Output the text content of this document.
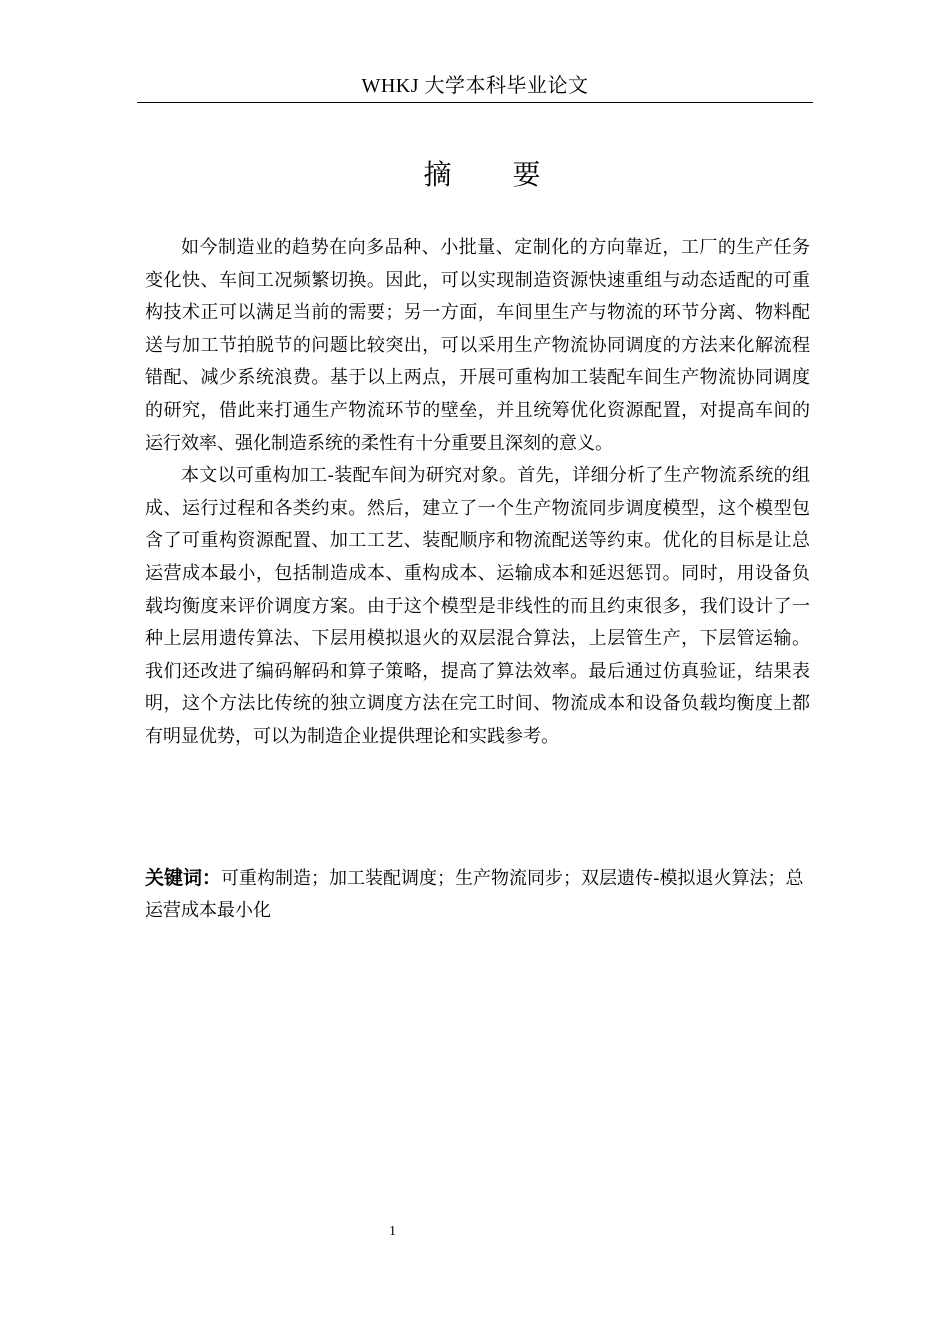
WHKJ 大学本科毕业论文
摘 要

如今制造业的趋势在向多品种、小批量、定制化的方向靠近，工厂的生产任务变化快、车间工况频繁切换。因此，可以实现制造资源快速重组与动态适配的可重构技术正可以满足当前的需要；另一方面，车间里生产与物流的环节分离、物料配送与加工节拍脱节的问题比较突出，可以采用生产物流协同调度的方法来化解流程错配、减少系统浪费。基于以上两点，开展可重构加工装配车间生产物流协同调度的研究，借此来打通生产物流环节的壁垒，并且统筹优化资源配置，对提高车间的运行效率、强化制造系统的柔性有十分重要且深刻的意义。

本文以可重构加工-装配车间为研究对象。首先，详细分析了生产物流系统的组成、运行过程和各类约束。然后，建立了一个生产物流同步调度模型，这个模型包含了可重构资源配置、加工工艺、装配顺序和物流配送等约束。优化的目标是让总运营成本最小，包括制造成本、重构成本、运输成本和延迟惩罚。同时，用设备负载均衡度来评价调度方案。由于这个模型是非线性的而且约束很多，我们设计了一种上层用遗传算法、下层用模拟退火的双层混合算法，上层管生产，下层管运输。我们还改进了编码解码和算子策略，提高了算法效率。最后通过仿真验证，结果表明，这个方法比传统的独立调度方法在完工时间、物流成本和设备负载均衡度上都有明显优势，可以为制造企业提供理论和实践参考。

关键词：可重构制造；加工装配调度；生产物流同步；双层遗传-模拟退火算法；总运营成本最小化
1
